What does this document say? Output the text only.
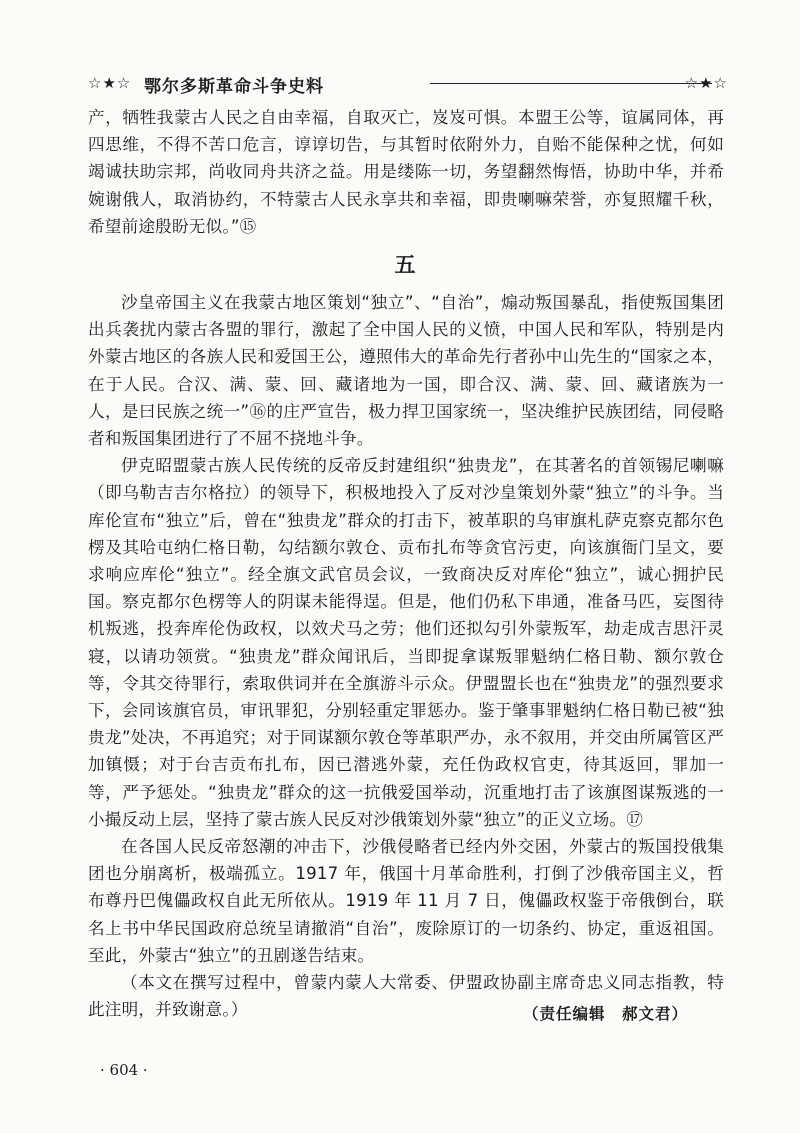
☆★☆ 鄂尔多斯革命斗争史料	☆★☆

产，牺牲我蒙古人民之自由幸福，自取灭亡，岌岌可惧。本盟王公等，谊属同体，再四思维，不得不苦口危言，谆谆切告，与其暂时依附外力，自贻不能保种之忧，何如竭诚扶助宗邦，尚收同舟共济之益。用是缕陈一切，务望翻然悔悟，协助中华，并希婉谢俄人，取消协约，不特蒙古人民永享共和幸福，即贵喇嘛荣誉，亦复照耀千秋，希望前途殷盼无似。”⑮

五

沙皇帝国主义在我蒙古地区策划“独立”、“自治”，煽动叛国暴乱，指使叛国集团出兵袭扰内蒙古各盟的罪行，激起了全中国人民的义愤，中国人民和军队，特别是内外蒙古地区的各族人民和爱国王公，遵照伟大的革命先行者孙中山先生的“国家之本，在于人民。合汉、满、蒙、回、藏诸地为一国，即合汉、满、蒙、回、藏诸族为一人，是曰民族之统一”⑯的庄严宣告，极力捍卫国家统一，坚决维护民族团结，同侵略者和叛国集团进行了不屈不挠地斗争。

伊克昭盟蒙古族人民传统的反帝反封建组织“独贵龙”，在其著名的首领锡尼喇嘛（即乌勒吉吉尔格拉）的领导下，积极地投入了反对沙皇策划外蒙“独立”的斗争。当库伦宣布“独立”后，曾在“独贵龙”群众的打击下，被革职的乌审旗札萨克察克都尔色楞及其哈屯纳仁格日勒，勾结额尔敦仓、贡布扎布等贪官污吏，向该旗衙门呈文，要求响应库伦“独立”。经全旗文武官员会议，一致商决反对库伦“独立”，诚心拥护民国。察克都尔色楞等人的阴谋未能得逞。但是，他们仍私下串通，准备马匹，妄图待机叛逃，投奔库伦伪政权，以效犬马之劳；他们还拟勾引外蒙叛军，劫走成吉思汗灵寝，以请功领赏。“独贵龙”群众闻讯后，当即捉拿谋叛罪魁纳仁格日勒、额尔敦仓等，令其交待罪行，索取供词并在全旗游斗示众。伊盟盟长也在“独贵龙”的强烈要求下，会同该旗官员，审讯罪犯，分别轻重定罪惩办。鉴于肇事罪魁纳仁格日勒已被“独贵龙”处决，不再追究；对于同谋额尔敦仓等革职严办，永不叙用，并交由所属管区严加镇慑；对于台吉贡布扎布，因已潜逃外蒙，充任伪政权官吏，待其返回，罪加一等，严予惩处。“独贵龙”群众的这一抗俄爱国举动，沉重地打击了该旗图谋叛逃的一小撮反动上层，坚持了蒙古族人民反对沙俄策划外蒙“独立”的正义立场。⑰

在各国人民反帝怒潮的冲击下，沙俄侵略者已经内外交困，外蒙古的叛国投俄集团也分崩离析，极端孤立。1917 年，俄国十月革命胜利，打倒了沙俄帝国主义，哲布尊丹巴傀儡政权自此无所依从。1919 年 11 月 7 日，傀儡政权鉴于帝俄倒台，联名上书中华民国政府总统呈请撤消“自治”，废除原订的一切条约、协定，重返祖国。至此，外蒙古“独立”的丑剧遂告结束。

（本文在撰写过程中，曾蒙内蒙人大常委、伊盟政协副主席奇忠义同志指教，特此注明，并致谢意。）	（责任编辑　郝文君）
· 604 ·
